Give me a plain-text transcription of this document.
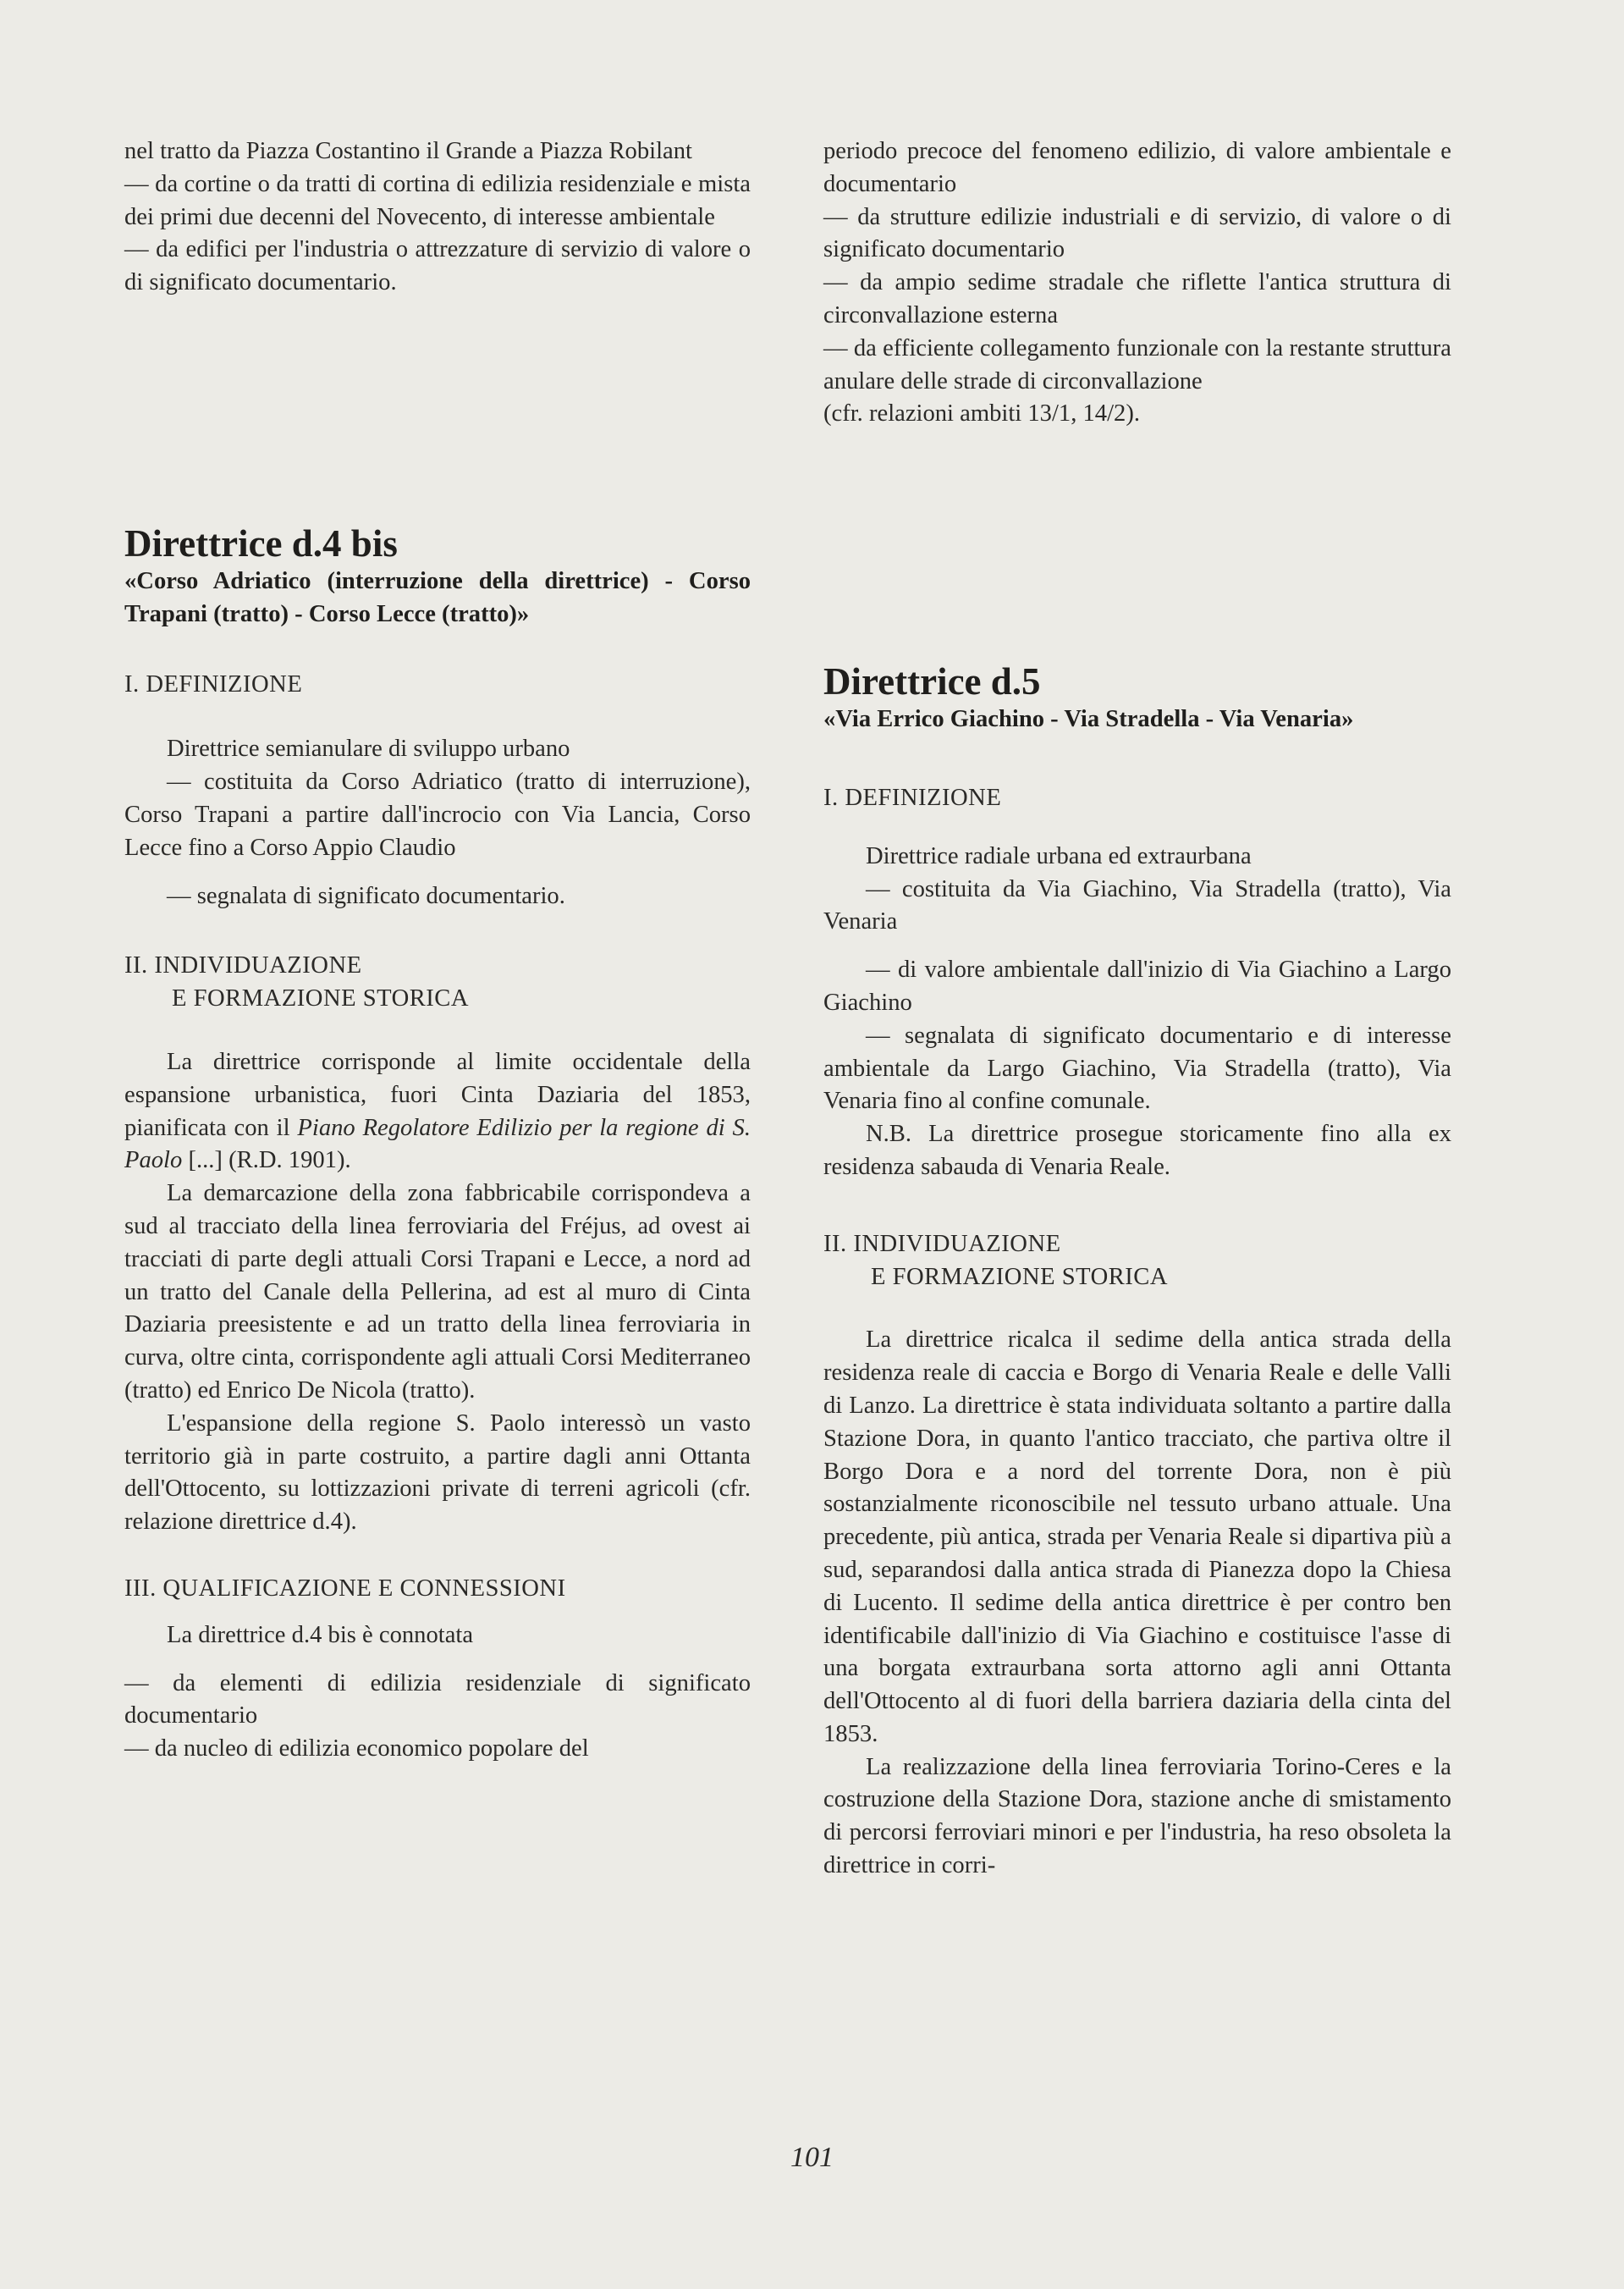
nel tratto da Piazza Costantino il Grande a Piazza Robilant

— da cortine o da tratti di cortina di edilizia residenziale e mista dei primi due decenni del Novecento, di interesse ambientale

— da edifici per l'industria o attrezzature di servizio di valore o di significato documentario.

Direttrice d.4 bis

«Corso Adriatico (interruzione della direttrice) - Corso Trapani (tratto) - Corso Lecce (tratto)»

I. DEFINIZIONE

Direttrice semianulare di sviluppo urbano

— costituita da Corso Adriatico (tratto di interruzione), Corso Trapani a partire dall'incrocio con Via Lancia, Corso Lecce fino a Corso Appio Claudio

— segnalata di significato documentario.

II. INDIVIDUAZIONE
E FORMAZIONE STORICA

La direttrice corrisponde al limite occidentale della espansione urbanistica, fuori Cinta Daziaria del 1853, pianificata con il Piano Regolatore Edilizio per la regione di S. Paolo [...] (R.D. 1901).

La demarcazione della zona fabbricabile corrispondeva a sud al tracciato della linea ferroviaria del Fréjus, ad ovest ai tracciati di parte degli attuali Corsi Trapani e Lecce, a nord ad un tratto del Canale della Pellerina, ad est al muro di Cinta Daziaria preesistente e ad un tratto della linea ferroviaria in curva, oltre cinta, corrispondente agli attuali Corsi Mediterraneo (tratto) ed Enrico De Nicola (tratto).

L'espansione della regione S. Paolo interessò un vasto territorio già in parte costruito, a partire dagli anni Ottanta dell'Ottocento, su lottizzazioni private di terreni agricoli (cfr. relazione direttrice d.4).

III. QUALIFICAZIONE E CONNESSIONI

La direttrice d.4 bis è connotata

— da elementi di edilizia residenziale di significato documentario

— da nucleo di edilizia economico popolare del

periodo precoce del fenomeno edilizio, di valore ambientale e documentario

— da strutture edilizie industriali e di servizio, di valore o di significato documentario

— da ampio sedime stradale che riflette l'antica struttura di circonvallazione esterna

— da efficiente collegamento funzionale con la restante struttura anulare delle strade di circonvallazione

(cfr. relazioni ambiti 13/1, 14/2).

Direttrice d.5

«Via Errico Giachino - Via Stradella - Via Venaria»

I. DEFINIZIONE

Direttrice radiale urbana ed extraurbana

— costituita da Via Giachino, Via Stradella (tratto), Via Venaria

— di valore ambientale dall'inizio di Via Giachino a Largo Giachino

— segnalata di significato documentario e di interesse ambientale da Largo Giachino, Via Stradella (tratto), Via Venaria fino al confine comunale.

N.B. La direttrice prosegue storicamente fino alla ex residenza sabauda di Venaria Reale.

II. INDIVIDUAZIONE
E FORMAZIONE STORICA

La direttrice ricalca il sedime della antica strada della residenza reale di caccia e Borgo di Venaria Reale e delle Valli di Lanzo. La direttrice è stata individuata soltanto a partire dalla Stazione Dora, in quanto l'antico tracciato, che partiva oltre il Borgo Dora e a nord del torrente Dora, non è più sostanzialmente riconoscibile nel tessuto urbano attuale. Una precedente, più antica, strada per Venaria Reale si dipartiva più a sud, separandosi dalla antica strada di Pianezza dopo la Chiesa di Lucento. Il sedime della antica direttrice è per contro ben identificabile dall'inizio di Via Giachino e costituisce l'asse di una borgata extraurbana sorta attorno agli anni Ottanta dell'Ottocento al di fuori della barriera daziaria della cinta del 1853.

La realizzazione della linea ferroviaria Torino-Ceres e la costruzione della Stazione Dora, stazione anche di smistamento di percorsi ferroviari minori e per l'industria, ha reso obsoleta la direttrice in corri-

101
